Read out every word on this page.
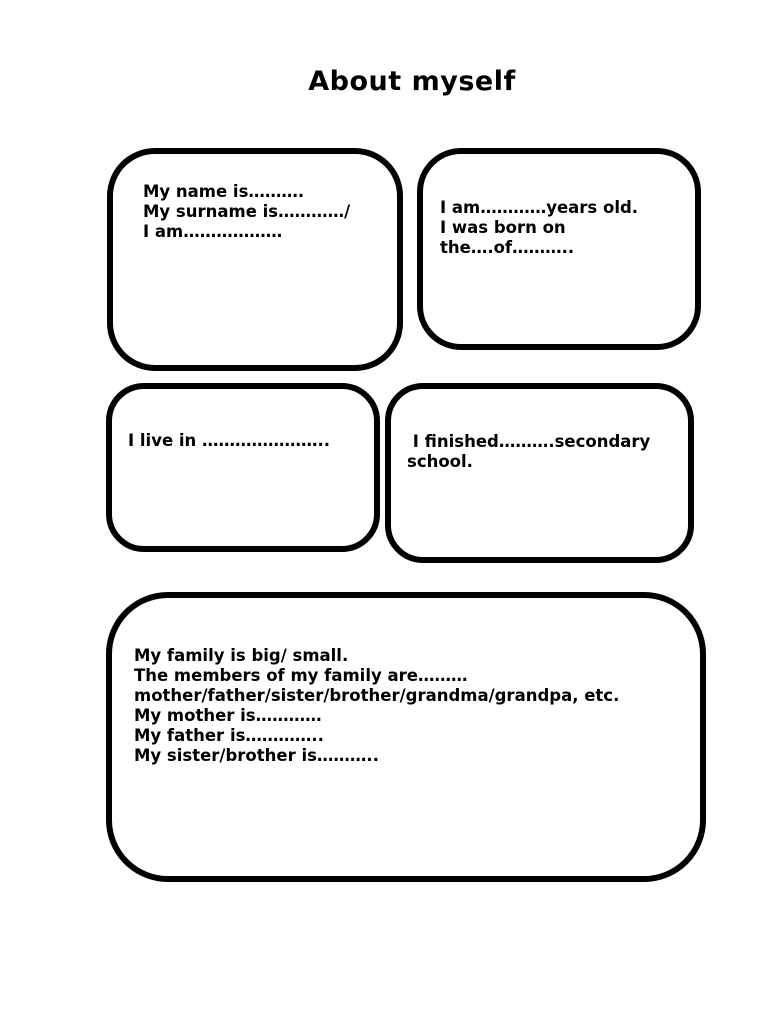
About myself
My name is……….
My surname is…………/
I am………………
I am…………years old.
I was born on
the….of………..
I live in …………………..	I finished……….secondary
school.
My family is big/ small.
The members of my family are………
mother/father/sister/brother/grandma/grandpa, etc.
My mother is…………
My father is…………..
My sister/brother is………..
